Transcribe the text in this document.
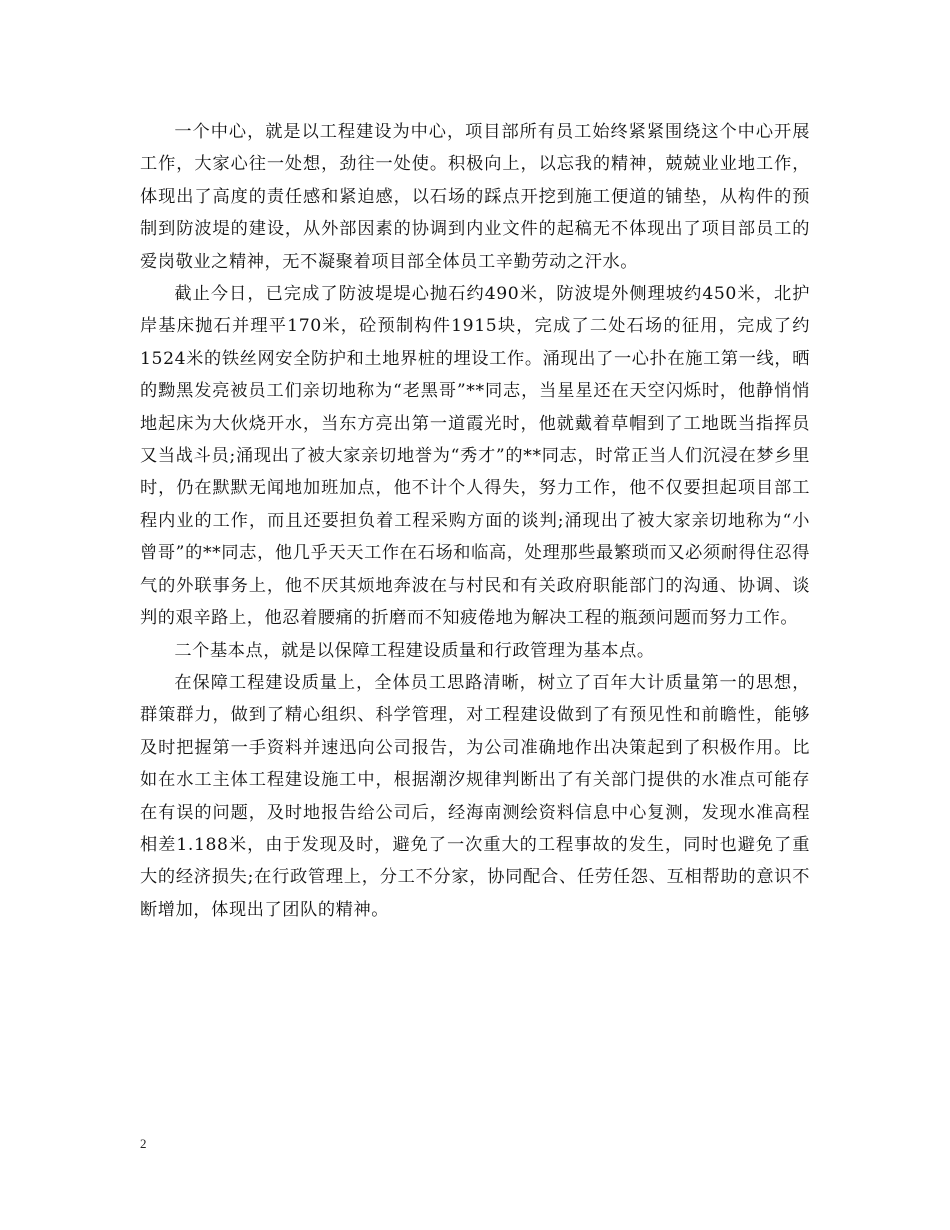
一个中心，就是以工程建设为中心，项目部所有员工始终紧紧围绕这个中心开展工作，大家心往一处想，劲往一处使。积极向上，以忘我的精神，兢兢业业地工作，体现出了高度的责任感和紧迫感，以石场的踩点开挖到施工便道的铺垫，从构件的预制到防波堤的建设，从外部因素的协调到内业文件的起稿无不体现出了项目部员工的爱岗敬业之精神，无不凝聚着项目部全体员工辛勤劳动之汗水。

截止今日，已完成了防波堤堤心抛石约490米，防波堤外侧理坡约450米，北护岸基床抛石并理平170米，砼预制构件1915块，完成了二处石场的征用，完成了约1524米的铁丝网安全防护和土地界桩的埋设工作。涌现出了一心扑在施工第一线，晒的黝黑发亮被员工们亲切地称为“老黑哥”**同志，当星星还在天空闪烁时，他静悄悄地起床为大伙烧开水，当东方亮出第一道霞光时，他就戴着草帽到了工地既当指挥员又当战斗员;涌现出了被大家亲切地誉为“秀才”的**同志，时常正当人们沉浸在梦乡里时，仍在默默无闻地加班加点，他不计个人得失，努力工作，他不仅要担起项目部工程内业的工作，而且还要担负着工程采购方面的谈判;涌现出了被大家亲切地称为“小曾哥”的**同志，他几乎天天工作在石场和临高，处理那些最繁琐而又必须耐得住忍得气的外联事务上，他不厌其烦地奔波在与村民和有关政府职能部门的沟通、协调、谈判的艰辛路上，他忍着腰痛的折磨而不知疲倦地为解决工程的瓶颈问题而努力工作。

二个基本点，就是以保障工程建设质量和行政管理为基本点。

在保障工程建设质量上，全体员工思路清晰，树立了百年大计质量第一的思想，群策群力，做到了精心组织、科学管理，对工程建设做到了有预见性和前瞻性，能够及时把握第一手资料并速迅向公司报告，为公司准确地作出决策起到了积极作用。比如在水工主体工程建设施工中，根据潮汐规律判断出了有关部门提供的水准点可能存在有误的问题，及时地报告给公司后，经海南测绘资料信息中心复测，发现水准高程相差1.188米，由于发现及时，避免了一次重大的工程事故的发生，同时也避免了重大的经济损失;在行政管理上，分工不分家，协同配合、任劳任怨、互相帮助的意识不断增加，体现出了团队的精神。

2
